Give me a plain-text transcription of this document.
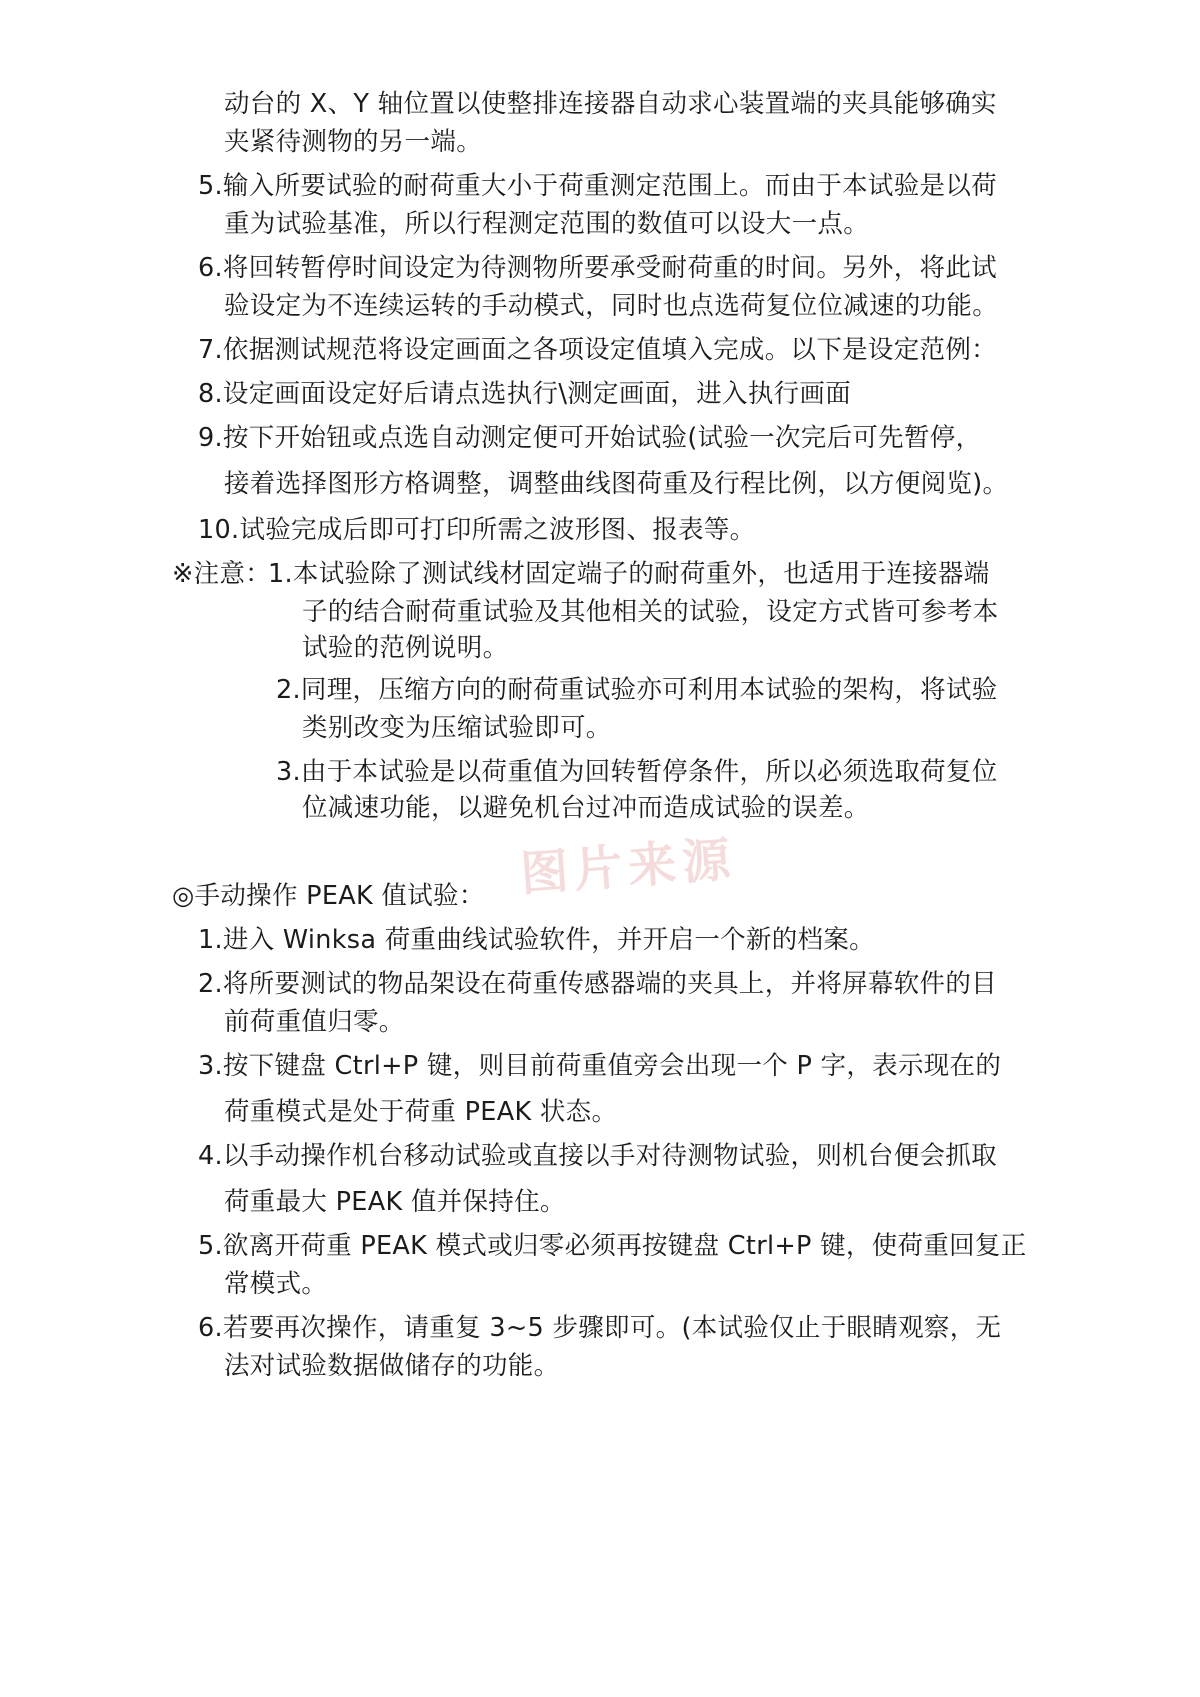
动台的 X、Y 轴位置以使整排连接器自动求心装置端的夹具能够确实
夹紧待测物的另一端。
5.输入所要试验的耐荷重大小于荷重测定范围上。而由于本试验是以荷
重为试验基准，所以行程测定范围的数值可以设大一点。
6.将回转暂停时间设定为待测物所要承受耐荷重的时间。另外，将此试
验设定为不连续运转的手动模式，同时也点选荷复位位减速的功能。
7.依据测试规范将设定画面之各项设定值填入完成。以下是设定范例：
8.设定画面设定好后请点选执行\测定画面，进入执行画面
9.按下开始钮或点选自动测定便可开始试验(试验一次完后可先暂停，
接着选择图形方格调整，调整曲线图荷重及行程比例，以方便阅览)。
10.试验完成后即可打印所需之波形图、报表等。
※注意：
1.本试验除了测试线材固定端子的耐荷重外，也适用于连接器端
子的结合耐荷重试验及其他相关的试验，设定方式皆可参考本
试验的范例说明。
2.同理，压缩方向的耐荷重试验亦可利用本试验的架构，将试验
类别改变为压缩试验即可。
3.由于本试验是以荷重值为回转暂停条件，所以必须选取荷复位
位减速功能，以避免机台过冲而造成试验的误差。
图片来源
◎手动操作 PEAK 值试验：
1.进入 Winksa 荷重曲线试验软件，并开启一个新的档案。
2.将所要测试的物品架设在荷重传感器端的夹具上，并将屏幕软件的目
前荷重值归零。
3.按下键盘 Ctrl+P 键，则目前荷重值旁会出现一个 P 字，表示现在的
荷重模式是处于荷重 PEAK 状态。
4.以手动操作机台移动试验或直接以手对待测物试验，则机台便会抓取
荷重最大 PEAK 值并保持住。
5.欲离开荷重 PEAK 模式或归零必须再按键盘 Ctrl+P 键，使荷重回复正
常模式。
6.若要再次操作，请重复 3~5 步骤即可。(本试验仅止于眼睛观察，无
法对试验数据做储存的功能。
